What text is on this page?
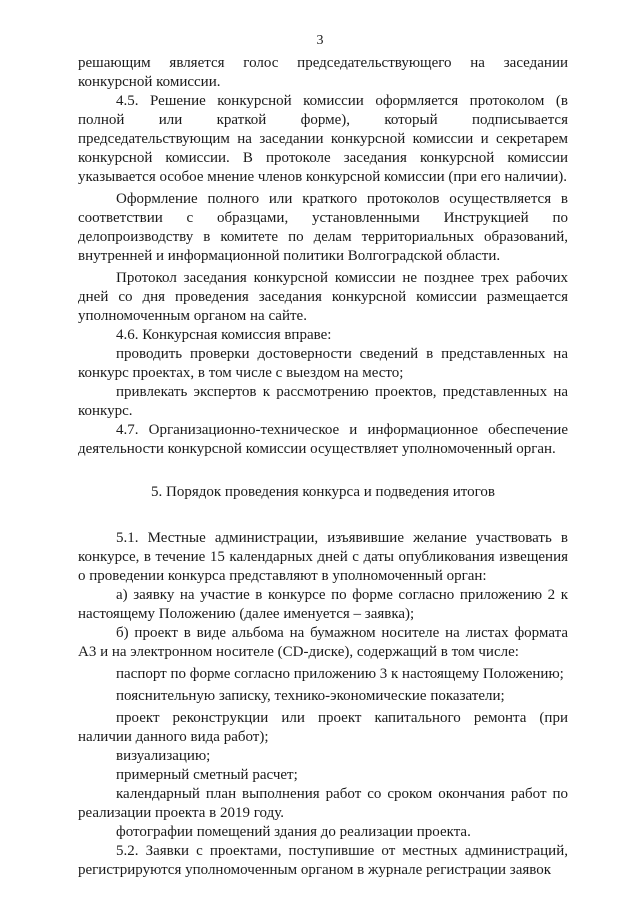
3

решающим является голос председательствующего на заседании конкурсной комиссии.

4.5. Решение конкурсной комиссии оформляется протоколом (в полной или краткой форме), который подписывается председательствующим на заседании конкурсной комиссии и секретарем конкурсной комиссии. В протоколе заседания конкурсной комиссии указывается особое мнение членов конкурсной комиссии (при его наличии).

Оформление полного или краткого протоколов осуществляется в соответствии с образцами, установленными Инструкцией по делопроизводству в комитете по делам территориальных образований, внутренней и информационной политики Волгоградской области.

Протокол заседания конкурсной комиссии не позднее трех рабочих дней со дня проведения заседания конкурсной комиссии размещается уполномоченным органом на сайте.

4.6. Конкурсная комиссия вправе:

проводить проверки достоверности сведений в представленных на конкурс проектах, в том числе с выездом на место;

привлекать экспертов к рассмотрению проектов, представленных на конкурс.

4.7. Организационно-техническое и информационное обеспечение деятельности конкурсной комиссии осуществляет уполномоченный орган.

5. Порядок проведения конкурса и подведения итогов

5.1. Местные администрации, изъявившие желание участвовать в конкурсе, в течение 15 календарных дней с даты опубликования извещения о проведении конкурса представляют в уполномоченный орган:

а) заявку на участие в конкурсе по форме согласно приложению 2 к настоящему Положению (далее именуется – заявка);

б) проект в виде альбома на бумажном носителе на листах формата А3 и на электронном носителе (CD-диске), содержащий в том числе:

паспорт по форме согласно приложению 3 к настоящему Положению;

пояснительную записку, технико-экономические показатели;

проект реконструкции или проект капитального ремонта (при наличии данного вида работ);

визуализацию;

примерный сметный расчет;

календарный план выполнения работ со сроком окончания работ по реализации проекта в 2019 году.

фотографии помещений здания до реализации проекта.

5.2. Заявки с проектами, поступившие от местных администраций, регистрируются уполномоченным органом в журнале регистрации заявок
